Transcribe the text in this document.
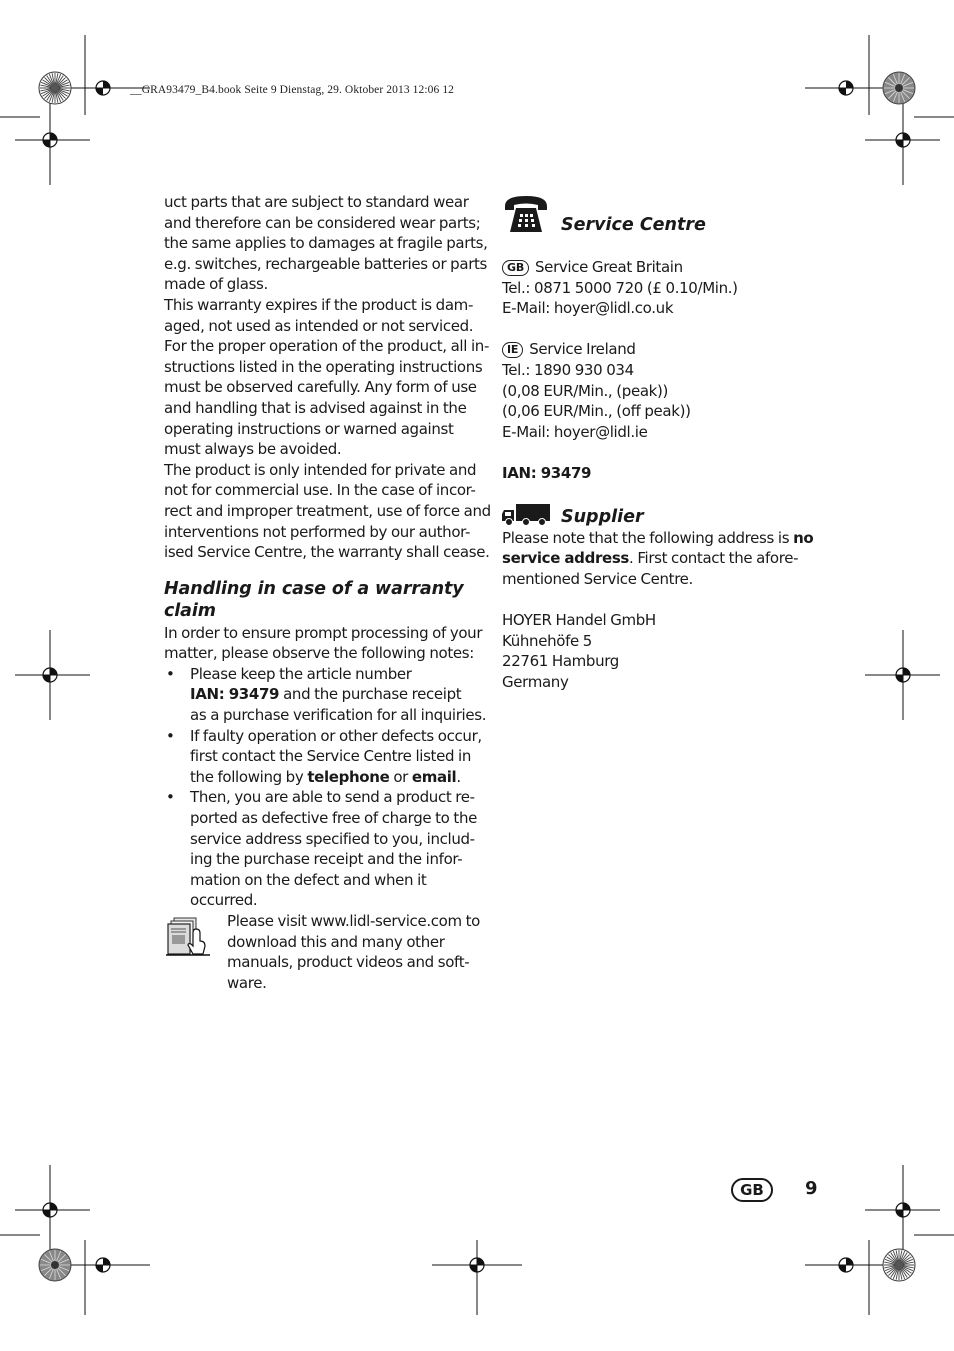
__GRA93479_B4.book Seite 9 Dienstag, 29. Oktober 2013 12:06 12
uct parts that are subject to standard wear
and therefore can be considered wear parts;
the same applies to damages at fragile parts,
e.g. switches, rechargeable batteries or parts
made of glass.
This warranty expires if the product is dam-
aged, not used as intended or not serviced.
For the proper operation of the product, all in-
structions listed in the operating instructions
must be observed carefully. Any form of use
and handling that is advised against in the
operating instructions or warned against
must always be avoided.
The product is only intended for private and
not for commercial use. In the case of incor-
rect and improper treatment, use of force and
interventions not performed by our author-
ised Service Centre, the warranty shall cease.
Handling in case of a warranty
claim
In order to ensure prompt processing of your
matter, please observe the following notes:
• Please keep the article number
IAN: 93479 and the purchase receipt
as a purchase verification for all inquiries.
• If faulty operation or other defects occur,
first contact the Service Centre listed in
the following by telephone or email.
• Then, you are able to send a product re-
ported as defective free of charge to the
service address specified to you, includ-
ing the purchase receipt and the infor-
mation on the defect and when it
occurred.
Please visit www.lidl-service.com to
download this and many other
manuals, product videos and soft-
ware.
Service Centre
GB Service Great Britain
Tel.: 0871 5000 720 (£ 0.10/Min.)
E-Mail: hoyer@lidl.co.uk
IE Service Ireland
Tel.: 1890 930 034
(0,08 EUR/Min., (peak))
(0,06 EUR/Min., (off peak))
E-Mail: hoyer@lidl.ie
IAN: 93479
Supplier
Please note that the following address is no
service address. First contact the afore-
mentioned Service Centre.
HOYER Handel GmbH
Kühnehöfe 5
22761 Hamburg
Germany
GB	9
